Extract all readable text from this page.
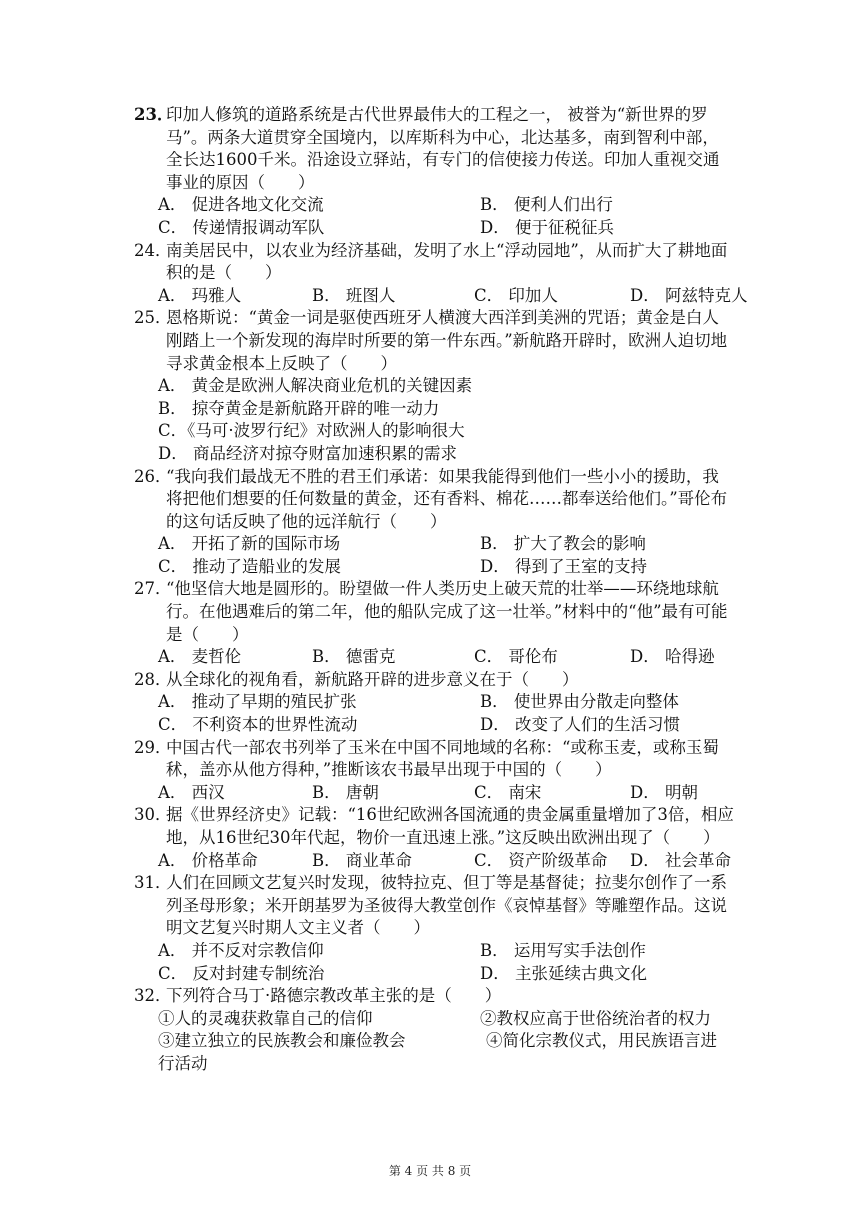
23．
印加人修筑的道路系统是古代世界最伟大的工程之一， 被誉为“新世界的罗马”。两条大道贯穿全国境内，以库斯科为中心，北达基多，南到智利中部，全长达1600千米。沿途设立驿站，有专门的信使接力传送。印加人重视交通事业的原因（　　）
A． 促进各地文化交流	B． 便利人们出行
C． 传递情报调动军队	D． 便于征税征兵
24．
南美居民中，以农业为经济基础，发明了水上“浮动园地”，从而扩大了耕地面积的是（　　）
A． 玛雅人	B． 班图人	C． 印加人	D． 阿兹特克人
25．
恩格斯说：“黄金一词是驱使西班牙人横渡大西洋到美洲的咒语；黄金是白人刚踏上一个新发现的海岸时所要的第一件东西。”新航路开辟时，欧洲人迫切地寻求黄金根本上反映了（　　）
A． 黄金是欧洲人解决商业危机的关键因素
B． 掠夺黄金是新航路开辟的唯一动力
C．《马可·波罗行纪》对欧洲人的影响很大
D． 商品经济对掠夺财富加速积累的需求
26．
“我向我们最战无不胜的君王们承诺：如果我能得到他们一些小小的援助，我将把他们想要的任何数量的黄金，还有香料、棉花……都奉送给他们。”哥伦布的这句话反映了他的远洋航行（　　）
A． 开拓了新的国际市场	B． 扩大了教会的影响
C． 推动了造船业的发展	D． 得到了王室的支持
27．
“他坚信大地是圆形的。盼望做一件人类历史上破天荒的壮举——环绕地球航行。在他遇难后的第二年，他的船队完成了这一壮举。”材料中的“他”最有可能是（　　）
A． 麦哲伦	B． 德雷克	C． 哥伦布	D． 哈得逊
28．
从全球化的视角看，新航路开辟的进步意义在于（　　）
A． 推动了早期的殖民扩张	B． 使世界由分散走向整体
C． 不利资本的世界性流动	D． 改变了人们的生活习惯
29．
中国古代一部农书列举了玉米在中国不同地域的名称：“或称玉麦，或称玉蜀秫，盖亦从他方得种，”推断该农书最早出现于中国的（　　）
A． 西汉	B． 唐朝	C． 南宋	D． 明朝
30．
据《世界经济史》记载：“16世纪欧洲各国流通的贵金属重量增加了3倍，相应地，从16世纪30年代起，物价一直迅速上涨。”这反映出欧洲出现了（　　）
A． 价格革命	B． 商业革命	C． 资产阶级革命 D． 社会革命
31．
人们在回顾文艺复兴时发现，彼特拉克、但丁等是基督徒；拉斐尔创作了一系列圣母形象；米开朗基罗为圣彼得大教堂创作《哀悼基督》等雕塑作品。这说明文艺复兴时期人文主义者（　　）
A． 并不反对宗教信仰	B． 运用写实手法创作
C． 反对封建专制统治	D． 主张延续古典文化
32．
下列符合马丁·路德宗教改革主张的是（　　）
①人的灵魂获救靠自己的信仰	②教权应高于世俗统治者的权力
③建立独立的民族教会和廉俭教会	④简化宗教仪式，用民族语言进
行活动
第 4 页 共 8 页
